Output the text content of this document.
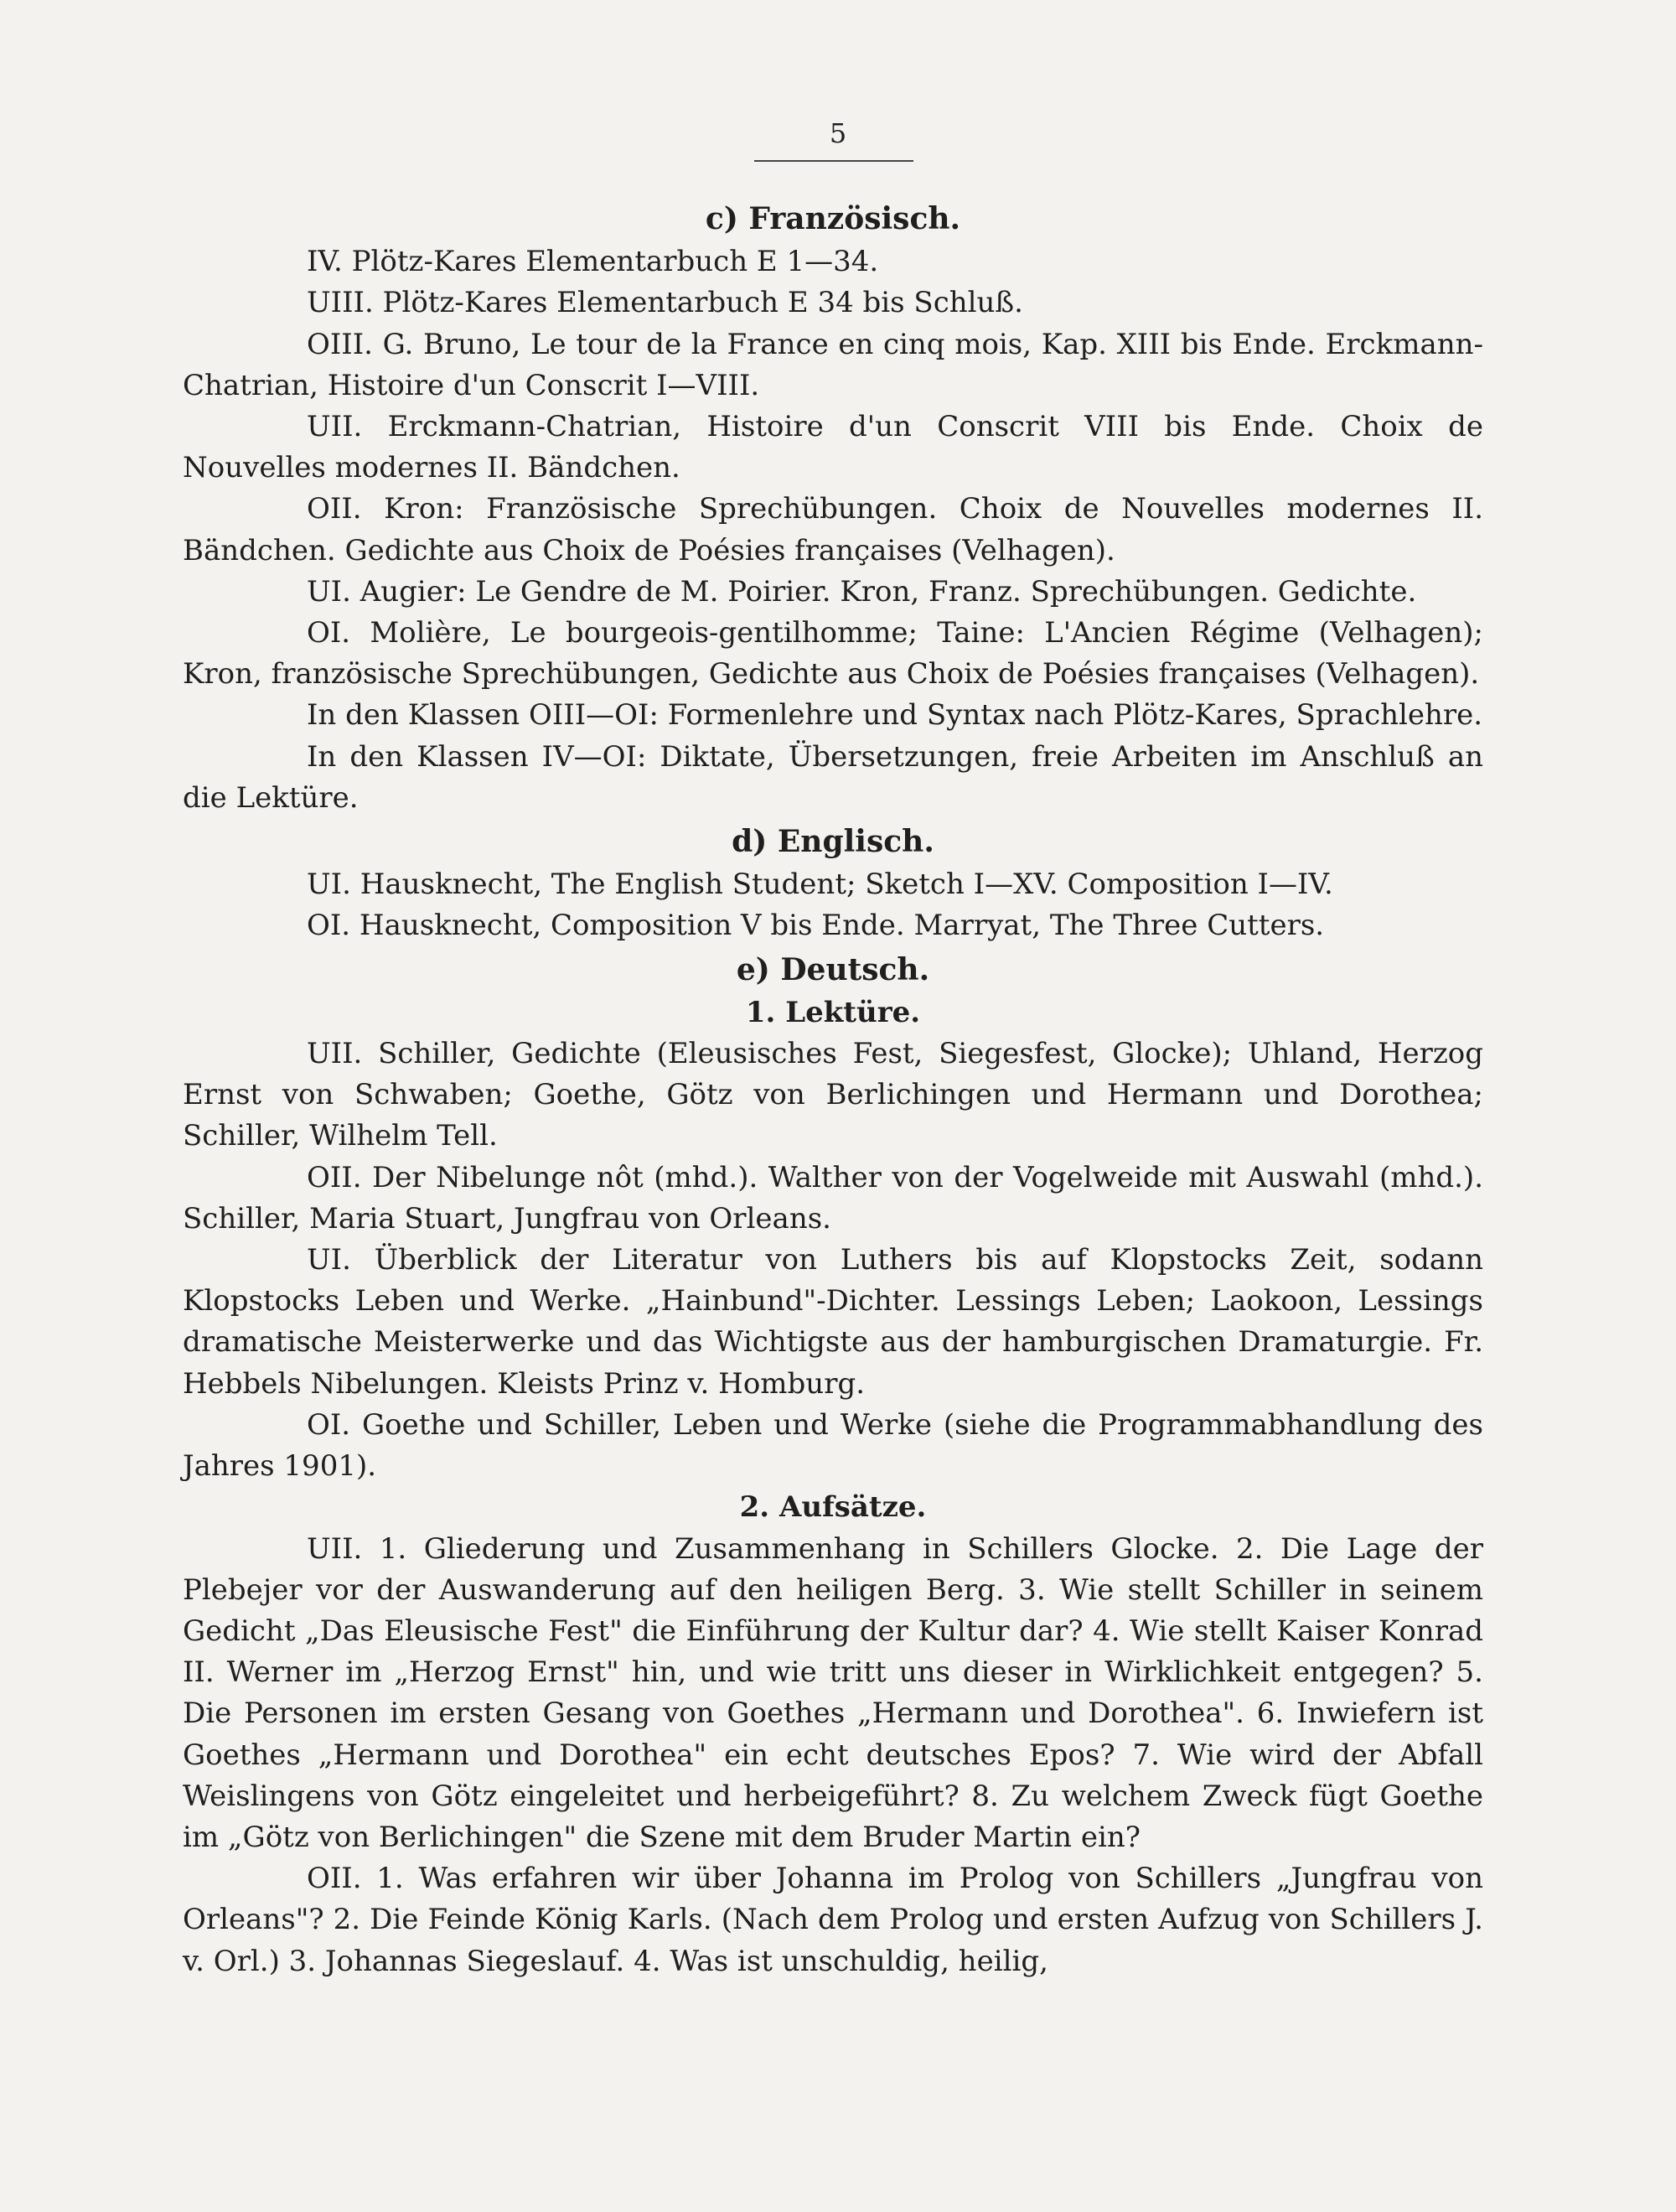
5
c) Französisch.

IV. Plötz-Kares Elementarbuch E 1—34.

UIII. Plötz-Kares Elementarbuch E 34 bis Schluß.

OIII. G. Bruno, Le tour de la France en cinq mois, Kap. XIII bis Ende. Erckmann-Chatrian, Histoire d'un Conscrit I—VIII.

UII. Erckmann-Chatrian, Histoire d'un Conscrit VIII bis Ende. Choix de Nouvelles modernes II. Bändchen.

OII. Kron: Französische Sprechübungen. Choix de Nouvelles modernes II. Bändchen. Gedichte aus Choix de Poésies françaises (Velhagen).

UI. Augier: Le Gendre de M. Poirier. Kron, Franz. Sprechübungen. Gedichte.

OI. Molière, Le bourgeois-gentilhomme; Taine: L'Ancien Régime (Velhagen); Kron, französische Sprechübungen, Gedichte aus Choix de Poésies françaises (Velhagen).

In den Klassen OIII—OI: Formenlehre und Syntax nach Plötz-Kares, Sprachlehre.

In den Klassen IV—OI: Diktate, Übersetzungen, freie Arbeiten im Anschluß an die Lektüre.

d) Englisch.

UI. Hausknecht, The English Student; Sketch I—XV. Composition I—IV.

OI. Hausknecht, Composition V bis Ende. Marryat, The Three Cutters.

e) Deutsch.
1. Lektüre.

UII. Schiller, Gedichte (Eleusisches Fest, Siegesfest, Glocke); Uhland, Herzog Ernst von Schwaben; Goethe, Götz von Berlichingen und Hermann und Dorothea; Schiller, Wilhelm Tell.

OII. Der Nibelunge nôt (mhd.). Walther von der Vogelweide mit Auswahl (mhd.). Schiller, Maria Stuart, Jungfrau von Orleans.

UI. Überblick der Literatur von Luthers bis auf Klopstocks Zeit, sodann Klopstocks Leben und Werke. „Hainbund"-Dichter. Lessings Leben; Laokoon, Lessings dramatische Meisterwerke und das Wichtigste aus der hamburgischen Dramaturgie. Fr. Hebbels Nibelungen. Kleists Prinz v. Homburg.

OI. Goethe und Schiller, Leben und Werke (siehe die Programmabhandlung des Jahres 1901).

2. Aufsätze.

UII. 1. Gliederung und Zusammenhang in Schillers Glocke. 2. Die Lage der Plebejer vor der Auswanderung auf den heiligen Berg. 3. Wie stellt Schiller in seinem Gedicht „Das Eleusische Fest" die Einführung der Kultur dar? 4. Wie stellt Kaiser Konrad II. Werner im „Herzog Ernst" hin, und wie tritt uns dieser in Wirklichkeit entgegen? 5. Die Personen im ersten Gesang von Goethes „Hermann und Dorothea". 6. Inwiefern ist Goethes „Hermann und Dorothea" ein echt deutsches Epos? 7. Wie wird der Abfall Weislingens von Götz eingeleitet und herbeigeführt? 8. Zu welchem Zweck fügt Goethe im „Götz von Berlichingen" die Szene mit dem Bruder Martin ein?

OII. 1. Was erfahren wir über Johanna im Prolog von Schillers „Jungfrau von Orleans"? 2. Die Feinde König Karls. (Nach dem Prolog und ersten Aufzug von Schillers J. v. Orl.) 3. Johannas Siegeslauf. 4. Was ist unschuldig, heilig,
